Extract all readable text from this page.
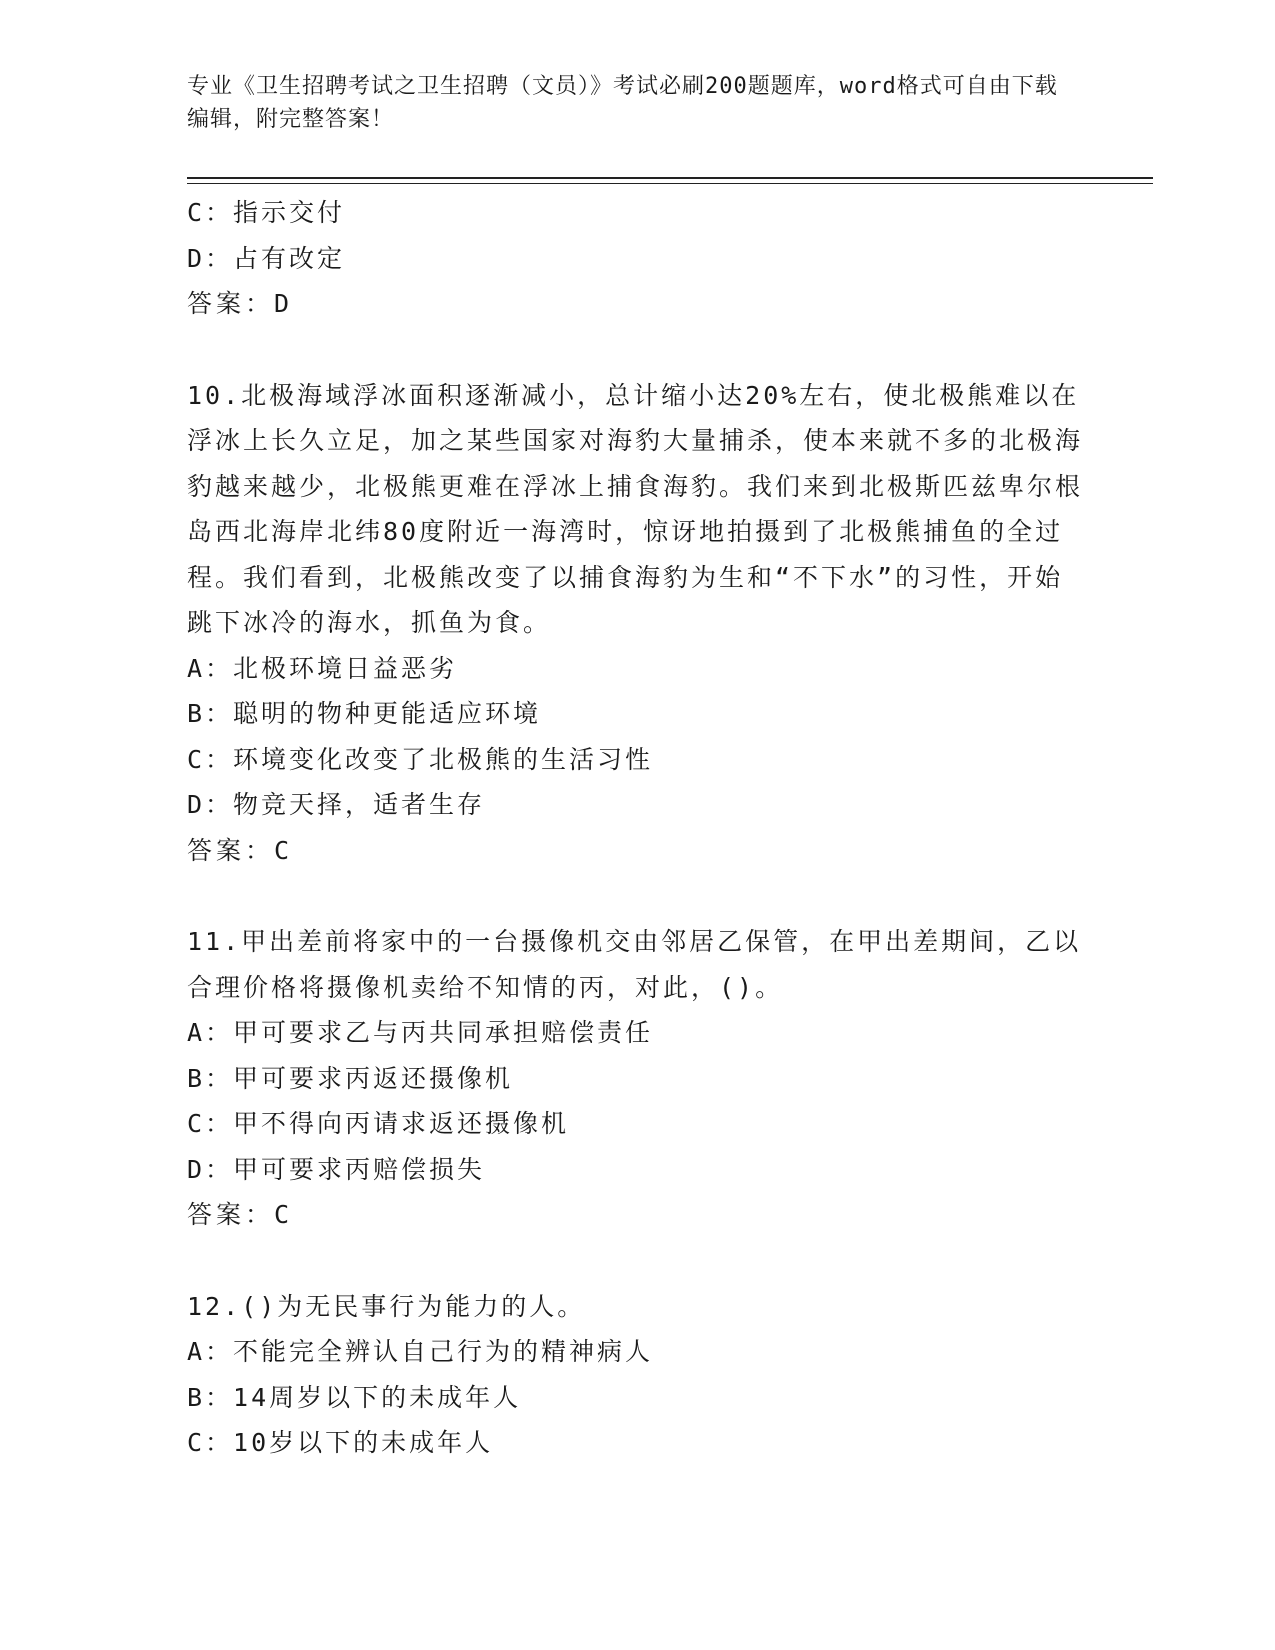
专业《卫生招聘考试之卫生招聘（文员）》考试必刷200题题库，word格式可自由下载编辑，附完整答案！

C：指示交付

D：占有改定

答案：D

10.北极海域浮冰面积逐渐减小，总计缩小达20%左右，使北极熊难以在浮冰上长久立足，加之某些国家对海豹大量捕杀，使本来就不多的北极海豹越来越少，北极熊更难在浮冰上捕食海豹。我们来到北极斯匹兹卑尔根岛西北海岸北纬80度附近一海湾时，惊讶地拍摄到了北极熊捕鱼的全过程。我们看到，北极熊改变了以捕食海豹为生和“不下水”的习性，开始跳下冰冷的海水，抓鱼为食。

A：北极环境日益恶劣

B：聪明的物种更能适应环境

C：环境变化改变了北极熊的生活习性

D：物竞天择，适者生存

答案：C

11.甲出差前将家中的一台摄像机交由邻居乙保管，在甲出差期间，乙以合理价格将摄像机卖给不知情的丙，对此，()。

A：甲可要求乙与丙共同承担赔偿责任

B：甲可要求丙返还摄像机

C：甲不得向丙请求返还摄像机

D：甲可要求丙赔偿损失

答案：C

12.()为无民事行为能力的人。

A：不能完全辨认自己行为的精神病人

B：14周岁以下的未成年人

C：10岁以下的未成年人
